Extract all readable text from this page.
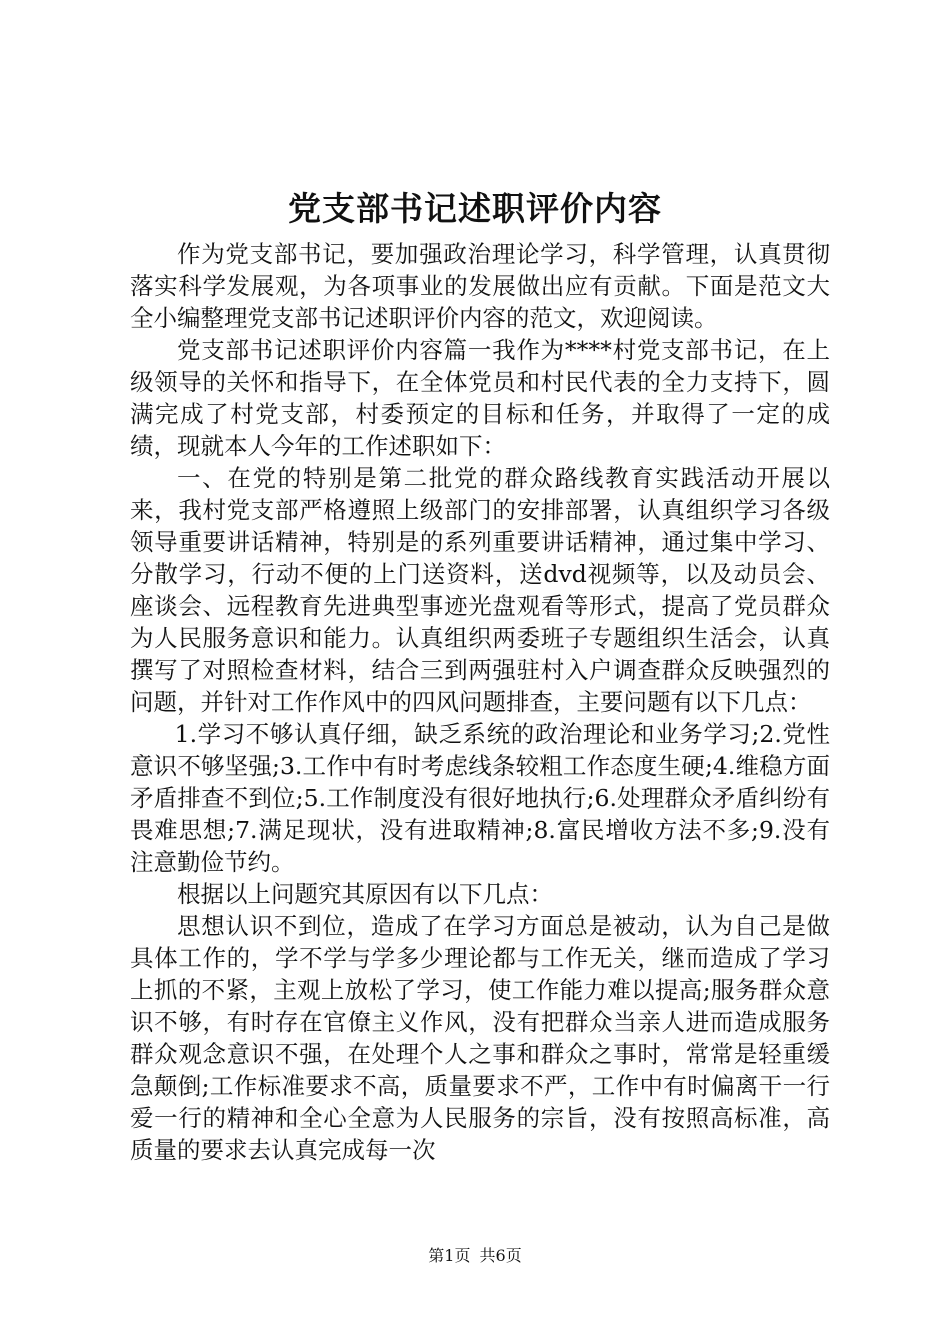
党支部书记述职评价内容

作为党支部书记，要加强政治理论学习，科学管理，认真贯彻落实科学发展观，为各项事业的发展做出应有贡献。下面是范文大全小编整理党支部书记述职评价内容的范文，欢迎阅读。

党支部书记述职评价内容篇一我作为****村党支部书记，在上级领导的关怀和指导下，在全体党员和村民代表的全力支持下，圆满完成了村党支部，村委预定的目标和任务，并取得了一定的成绩，现就本人今年的工作述职如下：

一、在党的特别是第二批党的群众路线教育实践活动开展以来，我村党支部严格遵照上级部门的安排部署，认真组织学习各级领导重要讲话精神，特别是的系列重要讲话精神，通过集中学习、分散学习，行动不便的上门送资料，送dvd视频等，以及动员会、座谈会、远程教育先进典型事迹光盘观看等形式，提高了党员群众为人民服务意识和能力。认真组织两委班子专题组织生活会，认真撰写了对照检查材料，结合三到两强驻村入户调查群众反映强烈的问题，并针对工作作风中的四风问题排查，主要问题有以下几点：

1.学习不够认真仔细，缺乏系统的政治理论和业务学习;2.党性意识不够坚强;3.工作中有时考虑线条较粗工作态度生硬;4.维稳方面矛盾排查不到位;5.工作制度没有很好地执行;6.处理群众矛盾纠纷有畏难思想;7.满足现状，没有进取精神;8.富民增收方法不多;9.没有注意勤俭节约。

根据以上问题究其原因有以下几点：

思想认识不到位，造成了在学习方面总是被动，认为自己是做具体工作的，学不学与学多少理论都与工作无关，继而造成了学习上抓的不紧，主观上放松了学习，使工作能力难以提高;服务群众意识不够，有时存在官僚主义作风，没有把群众当亲人进而造成服务群众观念意识不强，在处理个人之事和群众之事时，常常是轻重缓急颠倒;工作标准要求不高，质量要求不严，工作中有时偏离干一行爱一行的精神和全心全意为人民服务的宗旨，没有按照高标准，高质量的要求去认真完成每一次

第1页 共6页
